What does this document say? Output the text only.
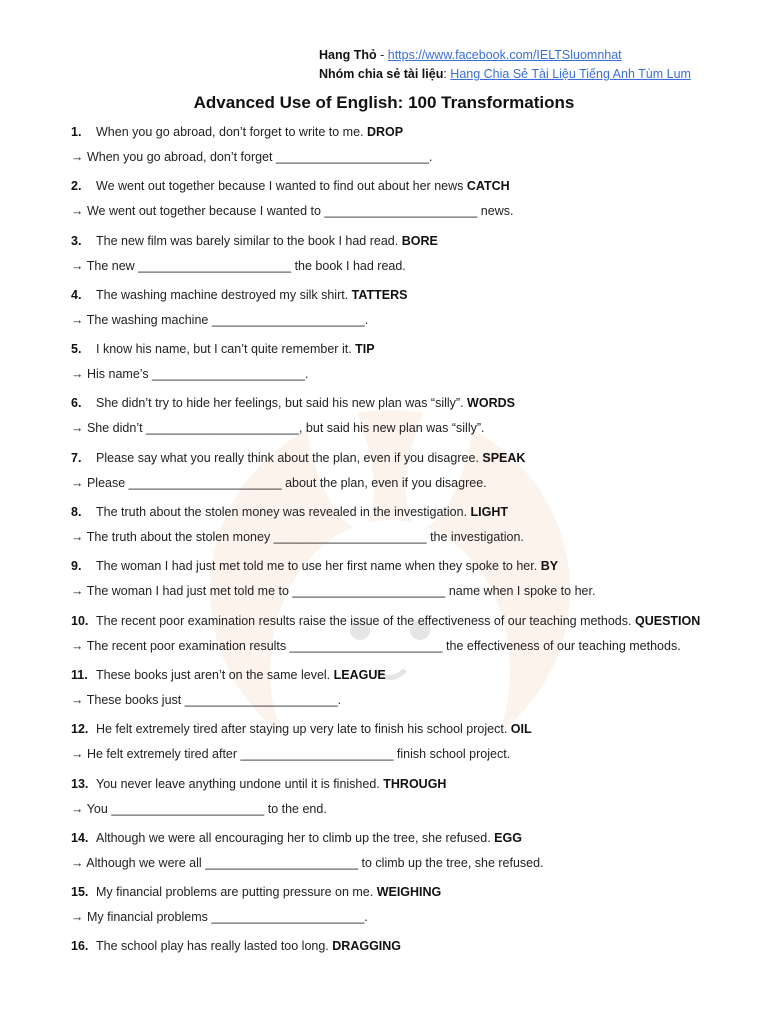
Hang Thỏ - https://www.facebook.com/IELTSluomnhat
Nhóm chia sẻ tài liệu: Hang Chia Sẻ Tài Liệu Tiếng Anh Tùm Lum
Advanced Use of English: 100 Transformations
1. When you go abroad, don’t forget to write to me. DROP
→ When you go abroad, don’t forget ______________________.
2. We went out together because I wanted to find out about her news CATCH
→ We went out together because I wanted to ______________________ news.
3. The new film was barely similar to the book I had read. BORE
→ The new ______________________ the book I had read.
4. The washing machine destroyed my silk shirt. TATTERS
→ The washing machine ______________________.
5. I know his name, but I can’t quite remember it. TIP
→ His name’s ______________________.
6. She didn’t try to hide her feelings, but said his new plan was “silly”. WORDS
→ She didn’t ______________________, but said his new plan was “silly”.
7. Please say what you really think about the plan, even if you disagree. SPEAK
→ Please ______________________ about the plan, even if you disagree.
8. The truth about the stolen money was revealed in the investigation. LIGHT
→ The truth about the stolen money ______________________ the investigation.
9. The woman I had just met told me to use her first name when they spoke to her. BY
→ The woman I had just met told me to ______________________ name when I spoke to her.
10. The recent poor examination results raise the issue of the effectiveness of our teaching methods. QUESTION
→ The recent poor examination results ______________________ the effectiveness of our teaching methods.
11. These books just aren’t on the same level. LEAGUE
→ These books just ______________________.
12. He felt extremely tired after staying up very late to finish his school project. OIL
→ He felt extremely tired after ______________________ finish school project.
13. You never leave anything undone until it is finished. THROUGH
→ You ______________________ to the end.
14. Although we were all encouraging her to climb up the tree, she refused. EGG
→ Although we were all ______________________ to climb up the tree, she refused.
15. My financial problems are putting pressure on me. WEIGHING
→ My financial problems ______________________.
16. The school play has really lasted too long. DRAGGING
